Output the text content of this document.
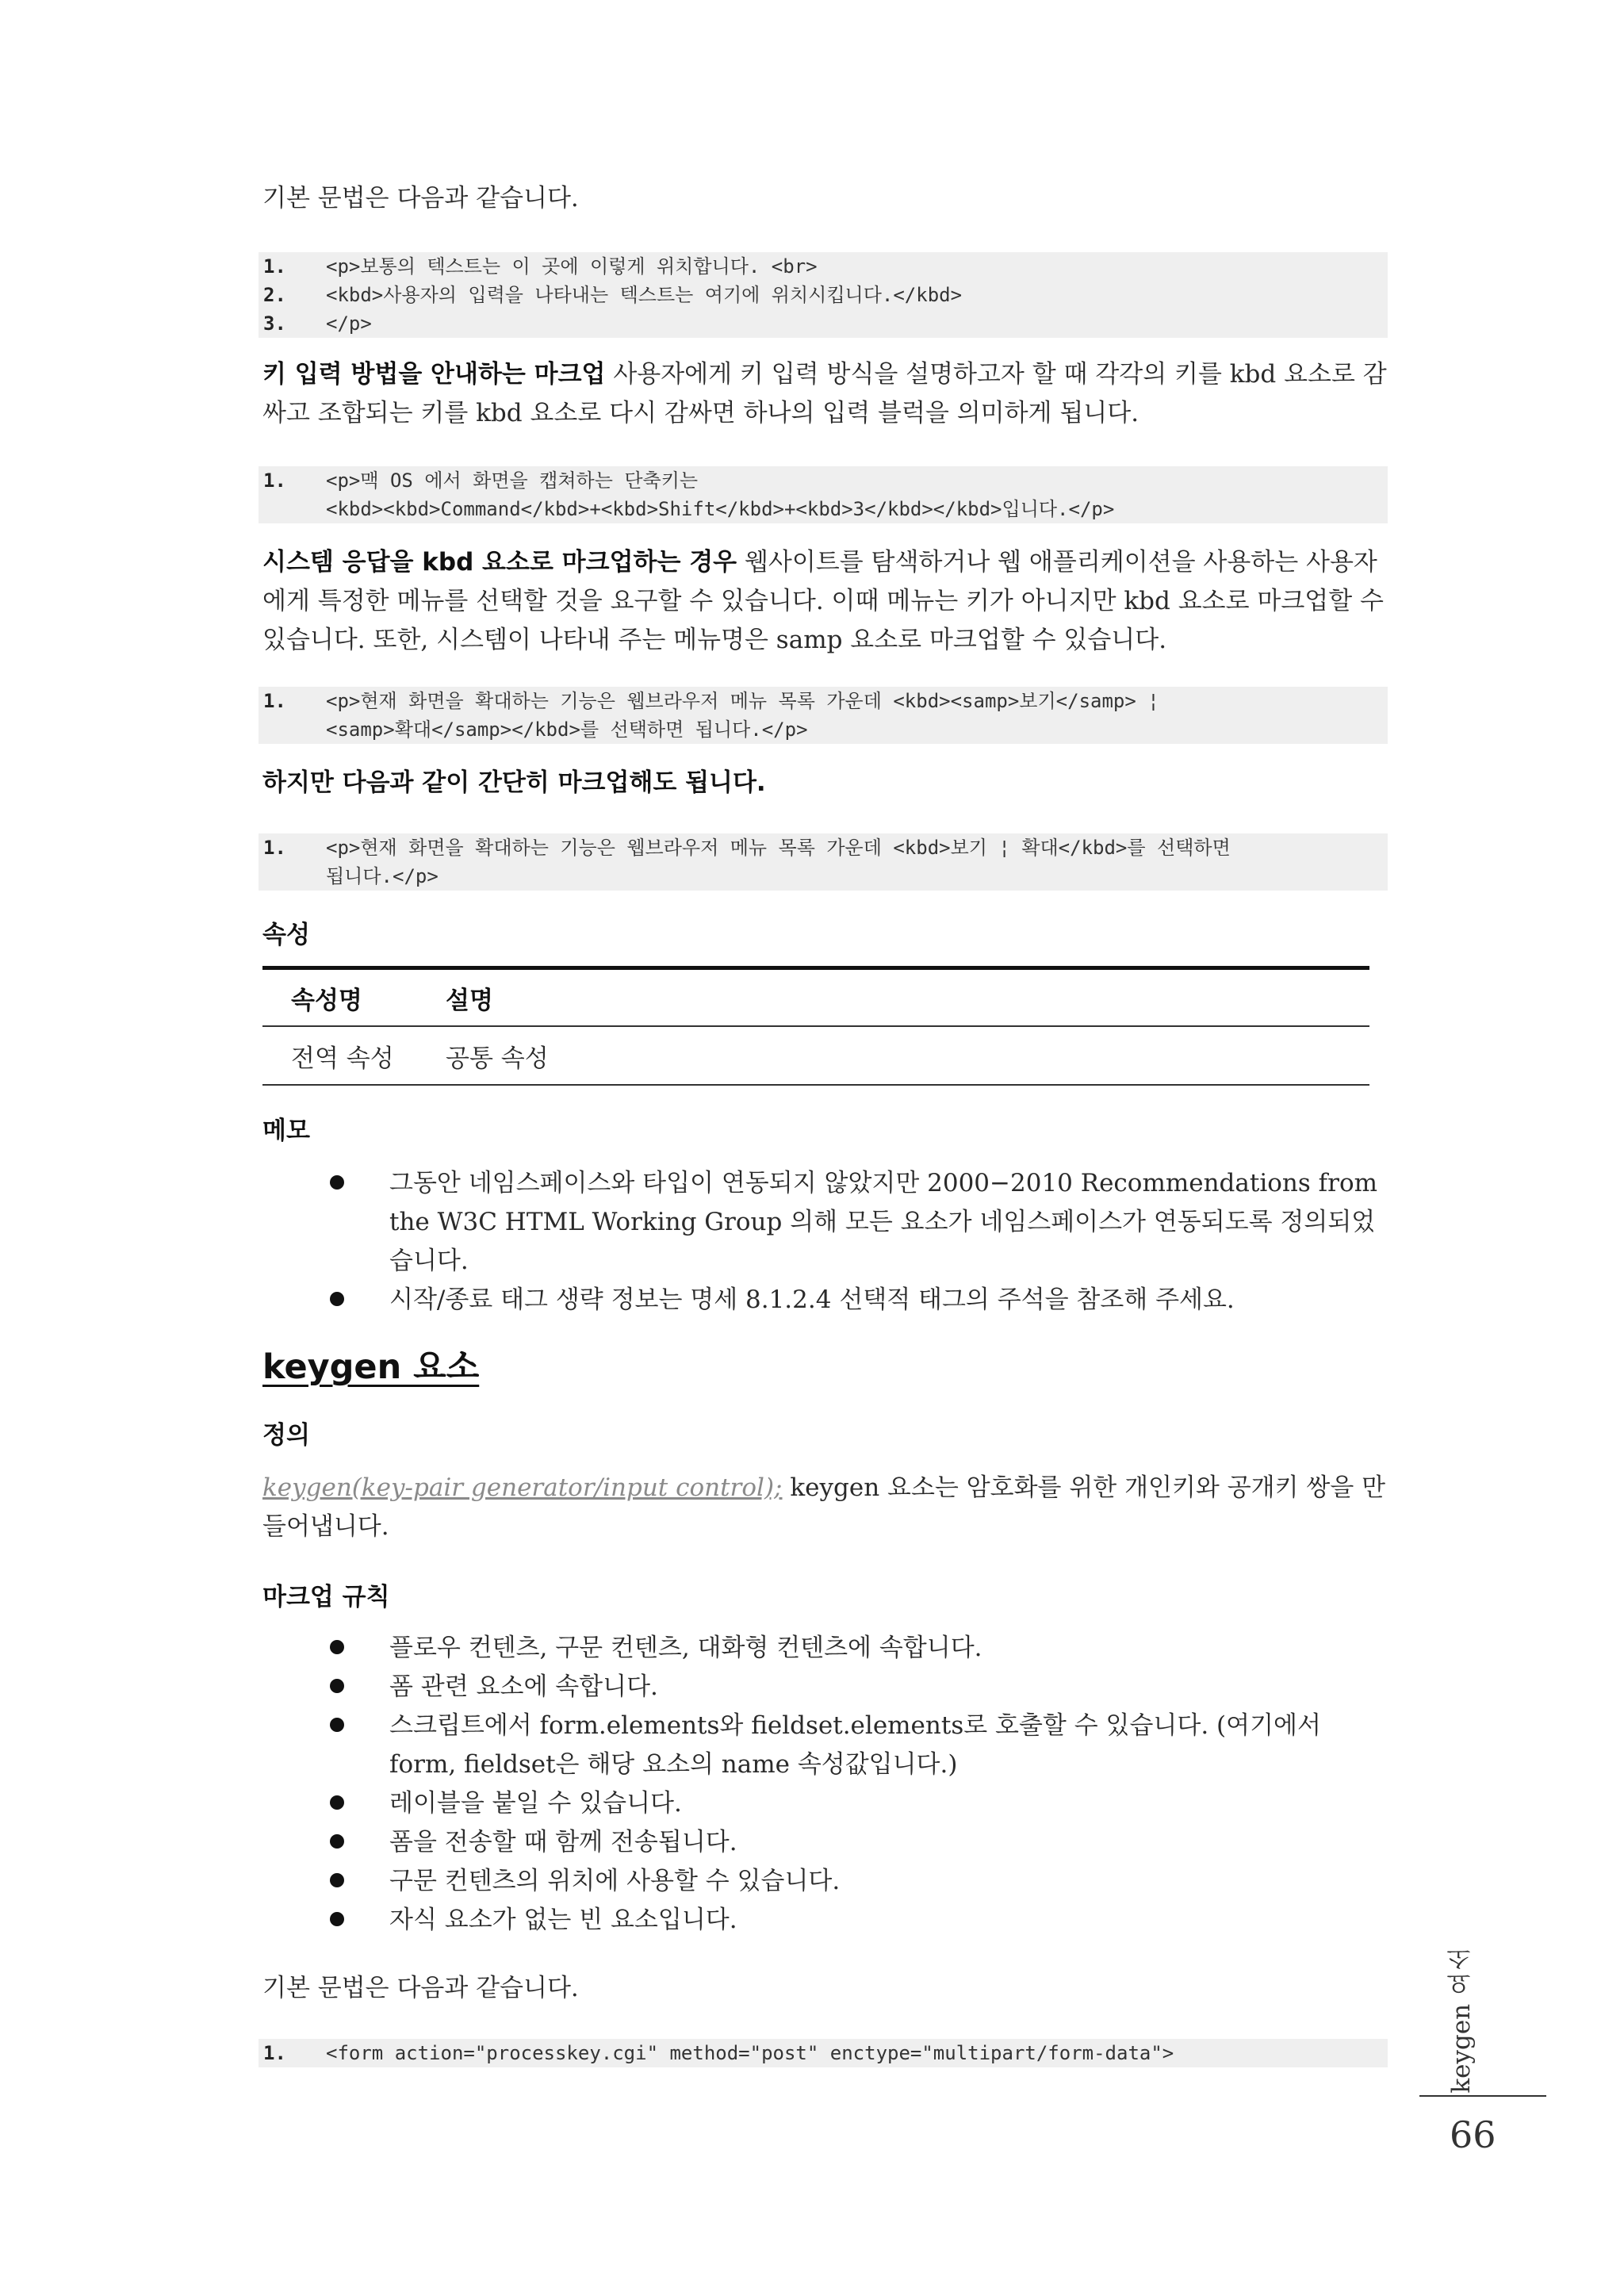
기본 문법은 다음과 같습니다.

1. <p>보통의 텍스트는 이 곳에 이렇게 위치합니다. <br>
2. <kbd>사용자의 입력을 나타내는 텍스트는 여기에 위치시킵니다.</kbd>
3. </p>

키 입력 방법을 안내하는 마크업 사용자에게 키 입력 방식을 설명하고자 할 때 각각의 키를 kbd 요소로 감싸고 조합되는 키를 kbd 요소로 다시 감싸면 하나의 입력 블럭을 의미하게 됩니다.

1. <p>맥 OS 에서 화면을 캡쳐하는 단축키는
<kbd><kbd>Command</kbd>+<kbd>Shift</kbd>+<kbd>3</kbd></kbd>입니다.</p>

시스템 응답을 kbd 요소로 마크업하는 경우 웹사이트를 탐색하거나 웹 애플리케이션을 사용하는 사용자에게 특정한 메뉴를 선택할 것을 요구할 수 있습니다. 이때 메뉴는 키가 아니지만 kbd 요소로 마크업할 수 있습니다. 또한, 시스템이 나타내 주는 메뉴명은 samp 요소로 마크업할 수 있습니다.

1. <p>현재 화면을 확대하는 기능은 웹브라우저 메뉴 목록 가운데 <kbd><samp>보기</samp> ¦
<samp>확대</samp></kbd>를 선택하면 됩니다.</p>

하지만 다음과 같이 간단히 마크업해도 됩니다.

1. <p>현재 화면을 확대하는 기능은 웹브라우저 메뉴 목록 가운데 <kbd>보기 ¦ 확대</kbd>를 선택하면
됩니다.</p>
속성
속성명	설명
전역 속성	공통 속성
메모
그동안 네임스페이스와 타입이 연동되지 않았지만 2000−2010 Recommendations from the W3C HTML Working Group 의해 모든 요소가 네임스페이스가 연동되도록 정의되었습니다.
시작/종료 태그 생략 정보는 명세 8.1.2.4 선택적 태그의 주석을 참조해 주세요.
keygen 요소
정의

keygen(key-pair generator/input control); keygen 요소는 암호화를 위한 개인키와 공개키 쌍을 만들어냅니다.

마크업 규칙
플로우 컨텐츠, 구문 컨텐츠, 대화형 컨텐츠에 속합니다.
폼 관련 요소에 속합니다.
스크립트에서 form.elements와 fieldset.elements로 호출할 수 있습니다. (여기에서 form, fieldset은 해당 요소의 name 속성값입니다.)
레이블을 붙일 수 있습니다.
폼을 전송할 때 함께 전송됩니다.
구문 컨텐츠의 위치에 사용할 수 있습니다.
자식 요소가 없는 빈 요소입니다.

기본 문법은 다음과 같습니다.

1. <form action="processkey.cgi" method="post" enctype="multipart/form-data">	keygen 요소
66
